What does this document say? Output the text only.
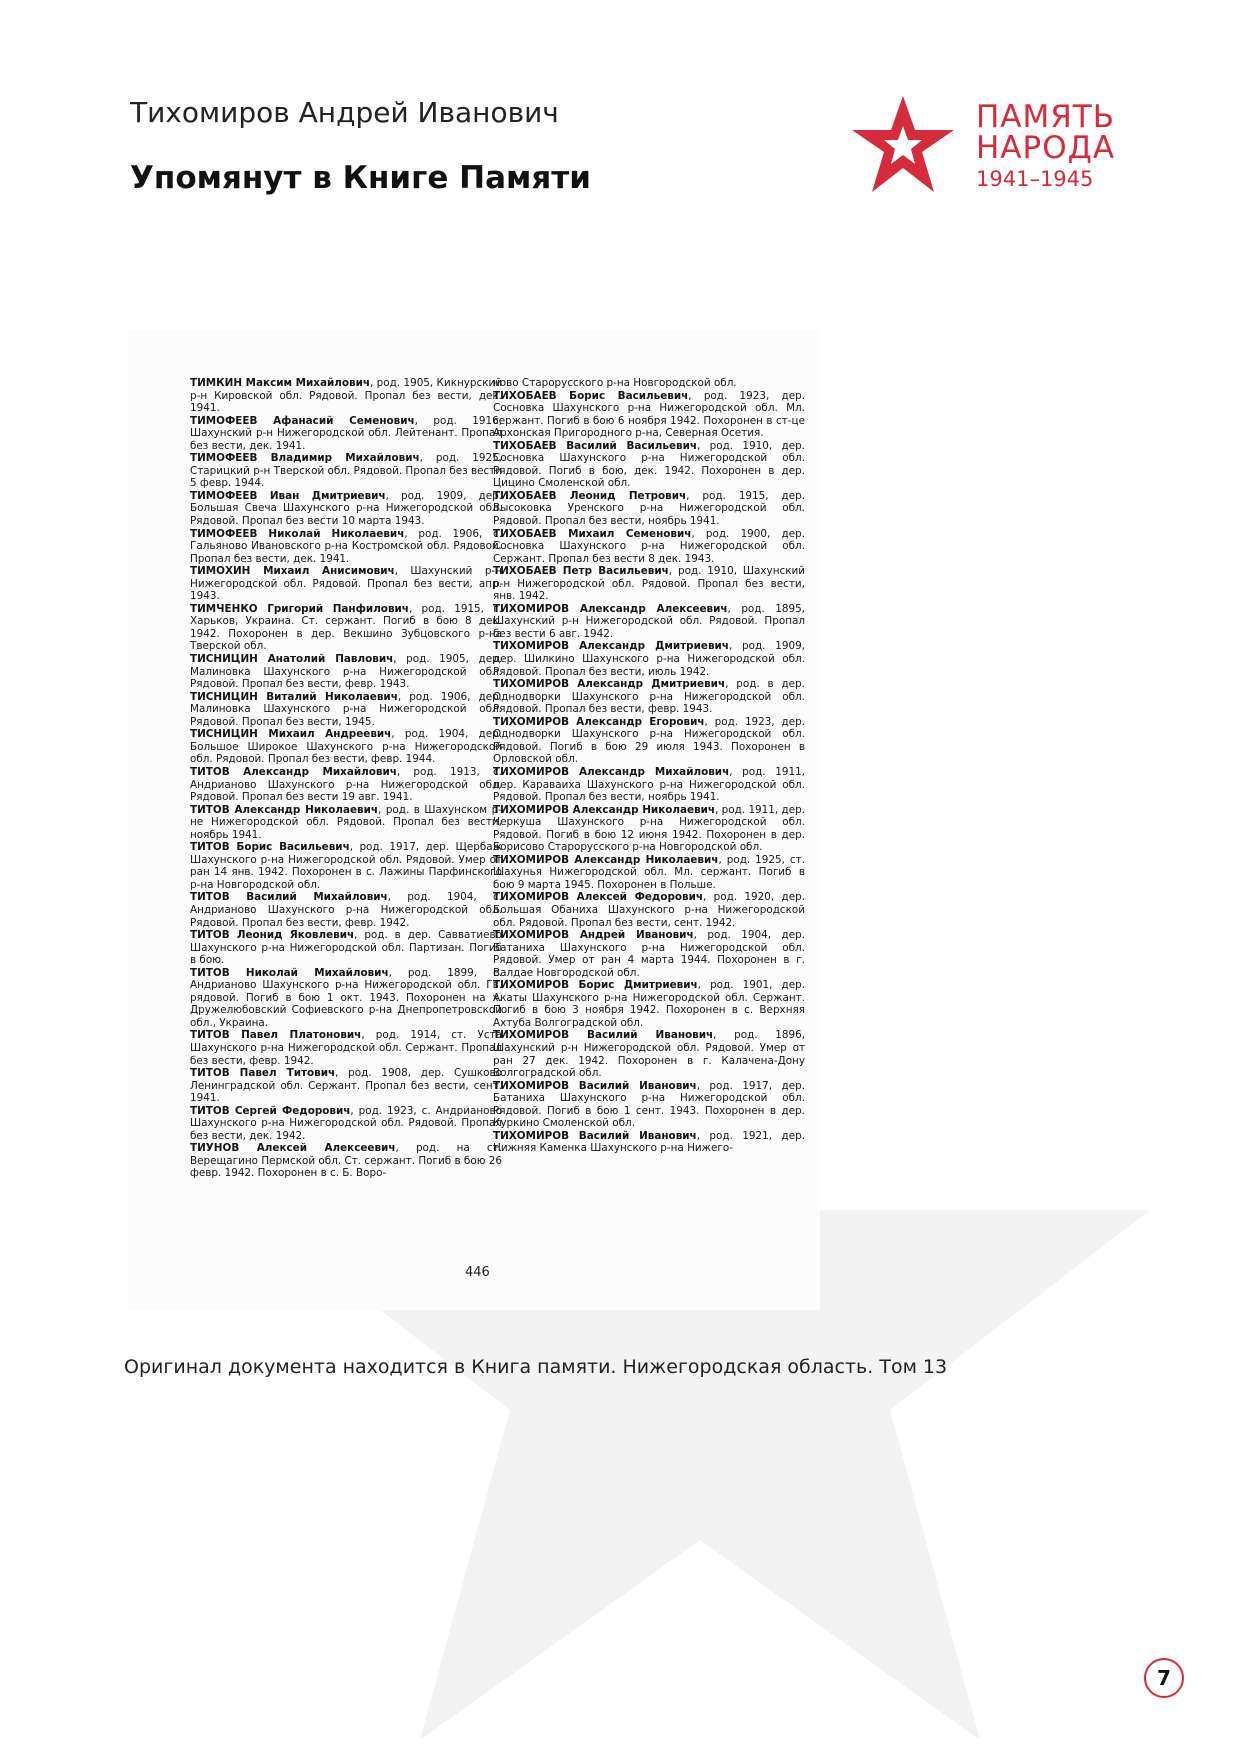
Тихомиров Андрей Иванович
Упомянут в Книге Памяти
ПАМЯТЬ
НАРОДА
1941–1945

ТИМКИН Максим Михайлович, род. 1905, Кикнурский р-н Кировской обл. Рядовой. Пропал без вести, дек. 1941.

ТИМОФЕЕВ Афанасий Семенович, род. 1916, Шахунский р-н Нижегородской обл. Лейтенант. Пропал без вести, дек. 1941.

ТИМОФЕЕВ Владимир Михайлович, род. 1925, Старицкий р-н Тверской обл. Рядовой. Пропал без вести 5 февр. 1944.

ТИМОФЕЕВ Иван Дмитриевич, род. 1909, дер. Большая Свеча Шахунского р-на Нижегородской обл. Рядовой. Пропал без вести 10 марта 1943.

ТИМОФЕЕВ Николай Николаевич, род. 1906, с. Гальяново Ивановского р-на Костромской обл. Рядовой. Пропал без вести, дек. 1941.

ТИМОХИН Михаил Анисимович, Шахунский р-н Нижегородской обл. Рядовой. Пропал без вести, апр. 1943.

ТИМЧЕНКО Григорий Панфилович, род. 1915, г. Харьков, Украина. Ст. сержант. Погиб в бою 8 дек. 1942. Похоронен в дер. Векшино Зубцовского р-на Тверской обл.

ТИСНИЦИН Анатолий Павлович, род. 1905, дер. Малиновка Шахунского р-на Нижегородской обл. Рядовой. Пропал без вести, февр. 1943.

ТИСНИЦИН Виталий Николаевич, род. 1906, дер. Малиновка Шахунского р-на Нижегородской обл. Рядовой. Пропал без вести, 1945.

ТИСНИЦИН Михаил Андреевич, род. 1904, дер. Большое Широкое Шахунского р-на Нижегородской обл. Рядовой. Пропал без вести, февр. 1944.

ТИТОВ Александр Михайлович, род. 1913, с. Андрианово Шахунского р-на Нижегородской обл. Рядовой. Пропал без вести 19 авг. 1941.

ТИТОВ Александр Николаевич, род. в Шахунском р-не Нижегородской обл. Рядовой. Пропал без вести, ноябрь 1941.

ТИТОВ Борис Васильевич, род. 1917, дер. Щербаж Шахунского р-на Нижегородской обл. Рядовой. Умер от ран 14 янв. 1942. Похоронен в с. Лажины Парфинского р-на Новгородской обл.

ТИТОВ Василий Михайлович, род. 1904, с. Андрианово Шахунского р-на Нижегородской обл. Рядовой. Пропал без вести, февр. 1942.

ТИТОВ Леонид Яковлевич, род. в дер. Савватиево Шахунского р-на Нижегородской обл. Партизан. Погиб в бою.

ТИТОВ Николай Михайлович, род. 1899, с. Андрианово Шахунского р-на Нижегородской обл. Гв. рядовой. Погиб в бою 1 окт. 1943. Похоронен на х. Дружелюбовский Софиевского р-на Днепропетровской обл., Украина.

ТИТОВ Павел Платонович, род. 1914, ст. Уста Шахунского р-на Нижегородской обл. Сержант. Пропал без вести, февр. 1942.

ТИТОВ Павел Титович, род. 1908, дер. Сушково Ленинградской обл. Сержант. Пропал без вести, сент. 1941.

ТИТОВ Сергей Федорович, род. 1923, с. Андрианово Шахунского р-на Нижегородской обл. Рядовой. Пропал без вести, дек. 1942.

ТИУНОВ Алексей Алексеевич, род. на ст. Верещагино Пермской обл. Ст. сержант. Погиб в бою 26 февр. 1942. Похоронен в с. Б. Воро-

ново Старорусского р-на Новгородской обл.

ТИХОБАЕВ Борис Васильевич, род. 1923, дер. Сосновка Шахунского р-на Нижегородской обл. Мл. сержант. Погиб в бою 6 ноября 1942. Похоронен в ст-це Архонская Пригородного р-на, Северная Осетия.

ТИХОБАЕВ Василий Васильевич, род. 1910, дер. Сосновка Шахунского р-на Нижегородской обл. Рядовой. Погиб в бою, дек. 1942. Похоронен в дер. Цицино Смоленской обл.

ТИХОБАЕВ Леонид Петрович, род. 1915, дер. Высоковка Уренского р-на Нижегородской обл. Рядовой. Пропал без вести, ноябрь 1941.

ТИХОБАЕВ Михаил Семенович, род. 1900, дер. Сосновка Шахунского р-на Нижегородской обл. Сержант. Пропал без вести 8 дек. 1943.

ТИХОБАЕВ Петр Васильевич, род. 1910, Шахунский р-н Нижегородской обл. Рядовой. Пропал без вести, янв. 1942.

ТИХОМИРОВ Александр Алексеевич, род. 1895, Шахунский р-н Нижегородской обл. Рядовой. Пропал без вести 6 авг. 1942.

ТИХОМИРОВ Александр Дмитриевич, род. 1909, дер. Шилкино Шахунского р-на Нижегородской обл. Рядовой. Пропал без вести, июль 1942.

ТИХОМИРОВ Александр Дмитриевич, род. в дер. Однодворки Шахунского р-на Нижегородской обл. Рядовой. Пропал без вести, февр. 1943.

ТИХОМИРОВ Александр Егорович, род. 1923, дер. Однодворки Шахунского р-на Нижегородской обл. Рядовой. Погиб в бою 29 июля 1943. Похоронен в Орловской обл.

ТИХОМИРОВ Александр Михайлович, род. 1911, дер. Караваиха Шахунского р-на Нижегородской обл. Рядовой. Пропал без вести, ноябрь 1941.

ТИХОМИРОВ Александр Николаевич, род. 1911, дер. Черкуша Шахунского р-на Нижегородской обл. Рядовой. Погиб в бою 12 июня 1942. Похоронен в дер. Борисово Старорусского р-на Новгородской обл.

ТИХОМИРОВ Александр Николаевич, род. 1925, ст. Шахунья Нижегородской обл. Мл. сержант. Погиб в бою 9 марта 1945. Похоронен в Польше.

ТИХОМИРОВ Алексей Федорович, род. 1920, дер. Большая Обаниха Шахунского р-на Нижегородской обл. Рядовой. Пропал без вести, сент. 1942.

ТИХОМИРОВ Андрей Иванович, род. 1904, дер. Батаниха Шахунского р-на Нижегородской обл. Рядовой. Умер от ран 4 марта 1944. Похоронен в г. Валдае Новгородской обл.

ТИХОМИРОВ Борис Дмитриевич, род. 1901, дер. Акаты Шахунского р-на Нижегородской обл. Сержант. Погиб в бою 3 ноября 1942. Похоронен в с. Верхняя Ахтуба Волгоградской обл.

ТИХОМИРОВ Василий Иванович, род. 1896, Шахунский р-н Нижегородской обл. Рядовой. Умер от ран 27 дек. 1942. Похоронен в г. Калачена-Дону Волгоградской обл.

ТИХОМИРОВ Василий Иванович, род. 1917, дер. Батаниха Шахунского р-на Нижегородской обл. Рядовой. Погиб в бою 1 сент. 1943. Похоронен в дер. Куркино Смоленской обл.

ТИХОМИРОВ Василий Иванович, род. 1921, дер. Нижняя Каменка Шахунского р-на Нижего-

446
Оригинал документа находится в Книга памяти. Нижегородская область. Том 13
7
